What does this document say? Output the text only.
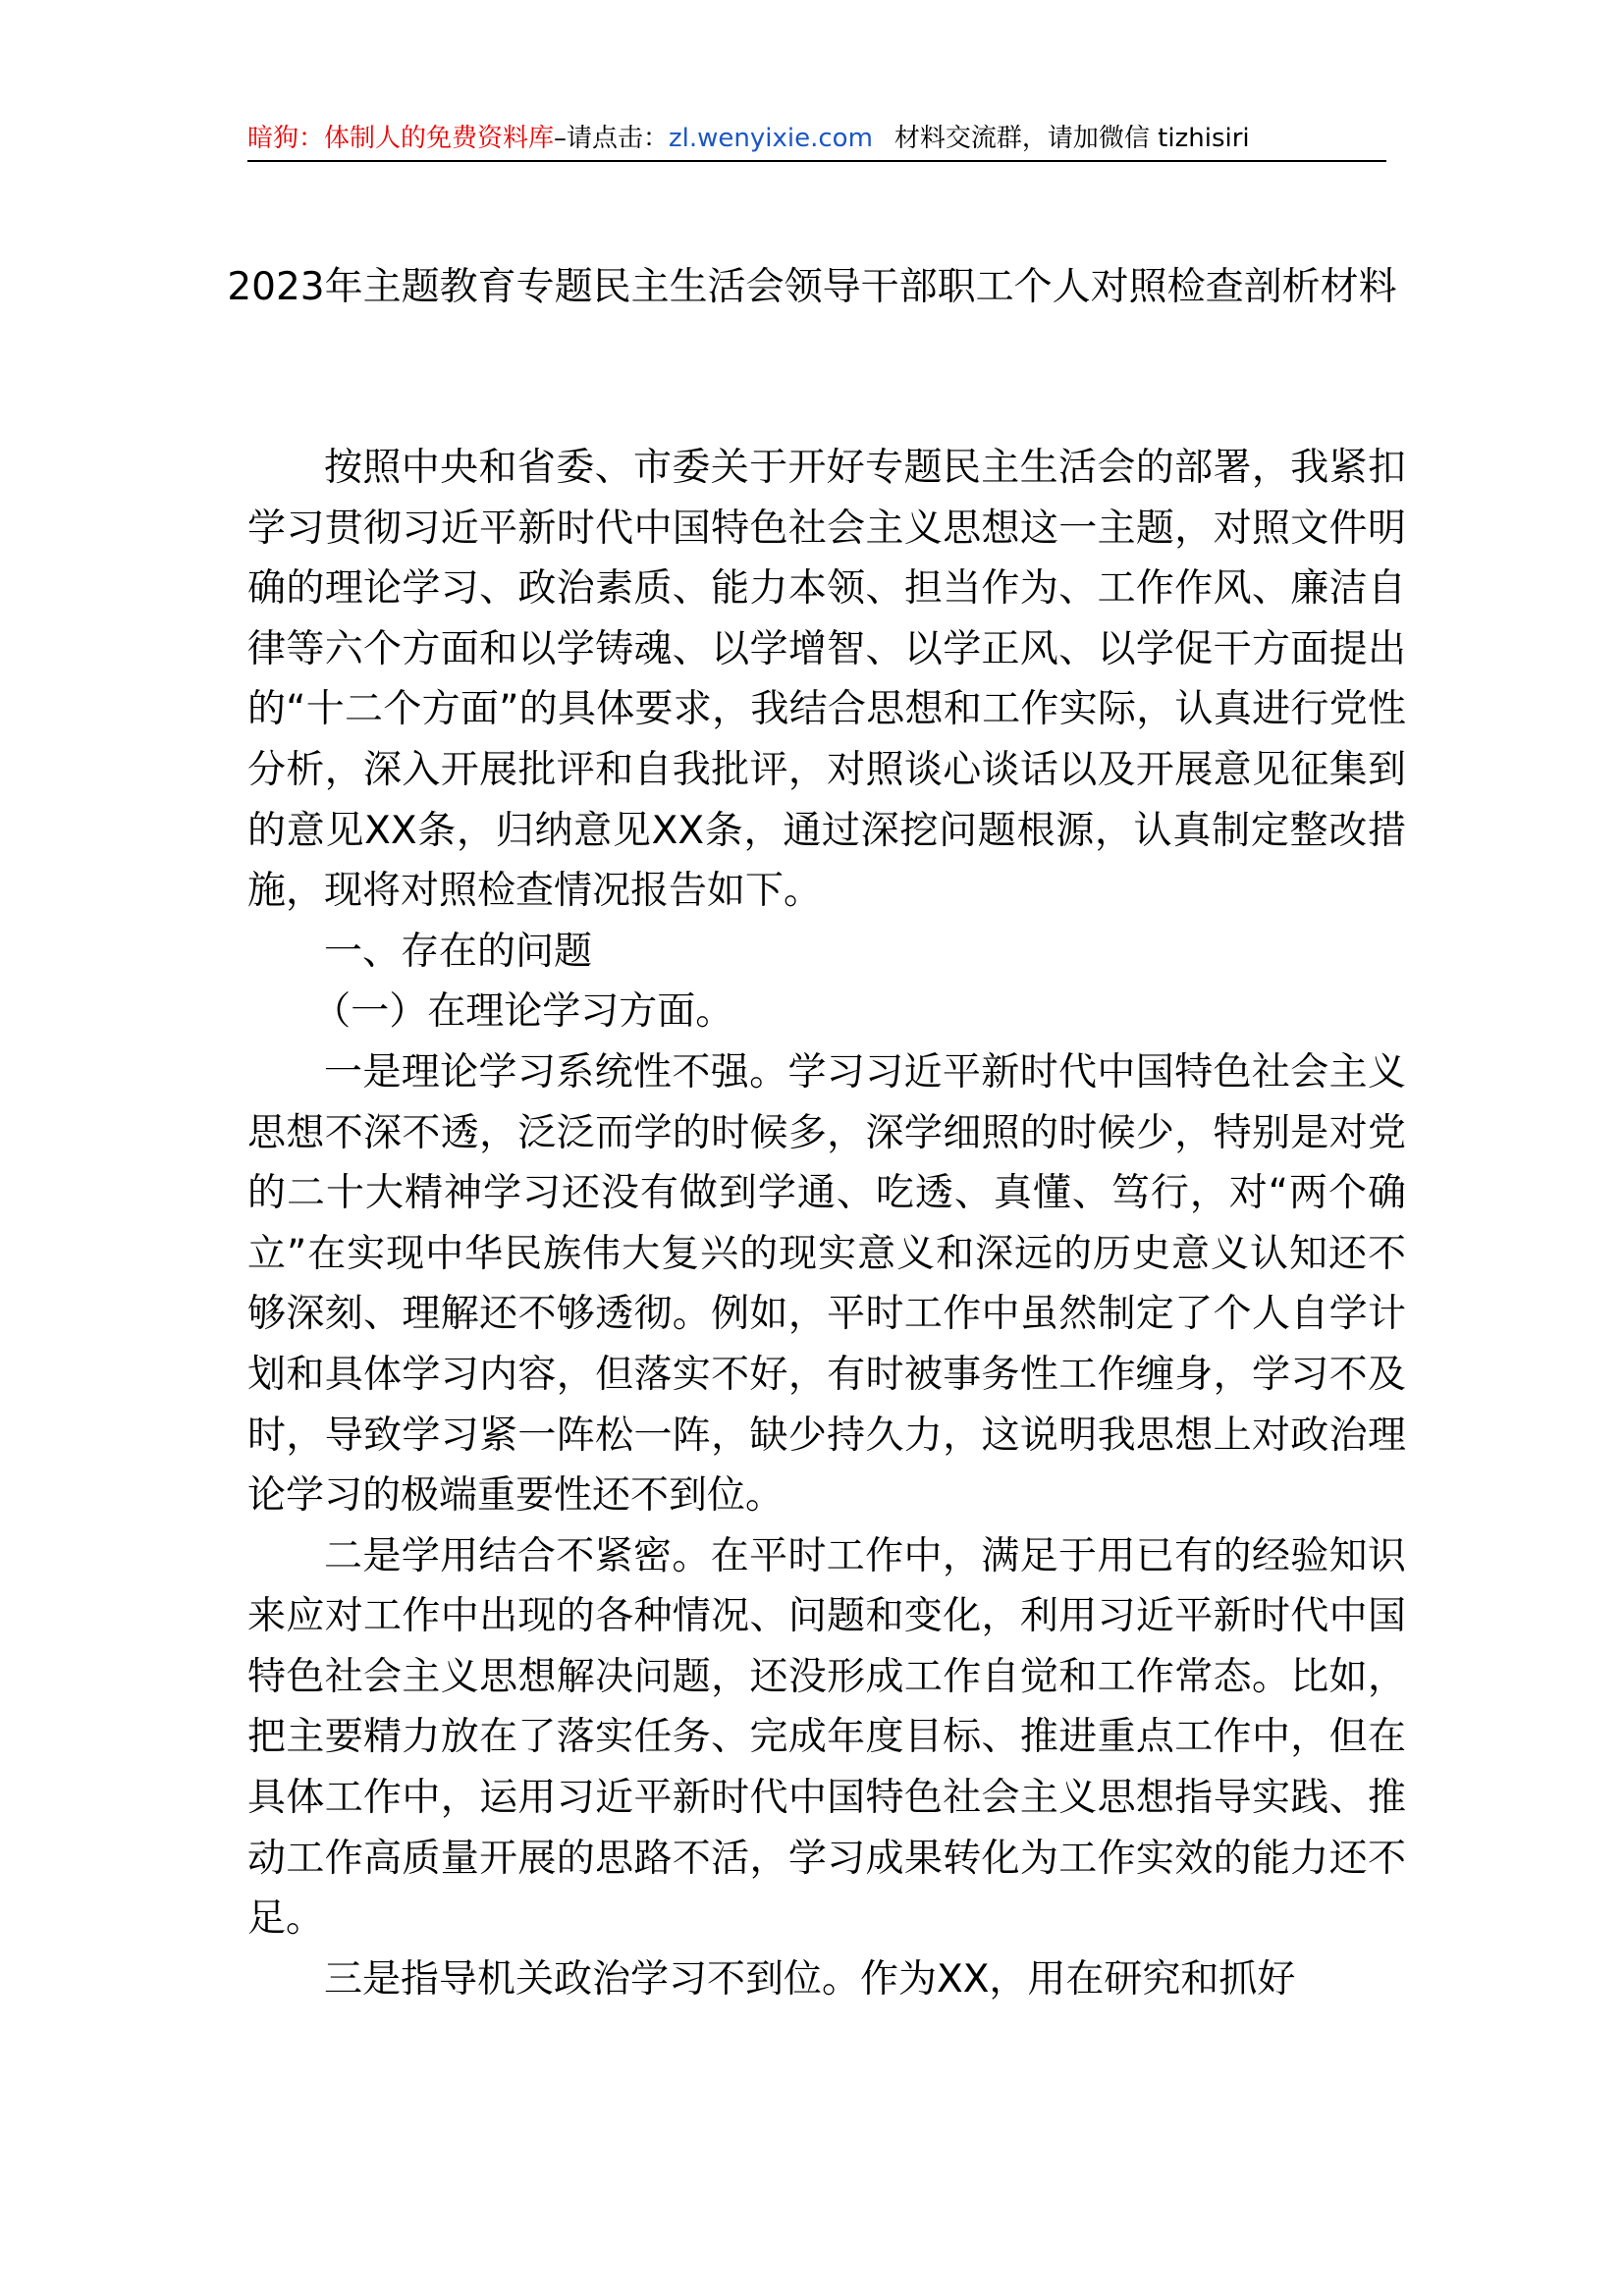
暗狗：体制人的免费资料库–请点击：zl.wenyixie.com 材料交流群，请加微信 tizhisiri
2023年主题教育专题民主生活会领导干部职工个人对照检查剖析材料

按照中央和省委、市委关于开好专题民主生活会的部署，我紧扣学习贯彻习近平新时代中国特色社会主义思想这一主题，对照文件明确的理论学习、政治素质、能力本领、担当作为、工作作风、廉洁自律等六个方面和以学铸魂、以学增智、以学正风、以学促干方面提出的“十二个方面”的具体要求，我结合思想和工作实际，认真进行党性分析，深入开展批评和自我批评，对照谈心谈话以及开展意见征集到的意见XX条，归纳意见XX条，通过深挖问题根源，认真制定整改措施，现将对照检查情况报告如下。

一、存在的问题

（一）在理论学习方面。

一是理论学习系统性不强。学习习近平新时代中国特色社会主义思想不深不透，泛泛而学的时候多，深学细照的时候少，特别是对党的二十大精神学习还没有做到学通、吃透、真懂、笃行，对“两个确立”在实现中华民族伟大复兴的现实意义和深远的历史意义认知还不够深刻、理解还不够透彻。例如，平时工作中虽然制定了个人自学计划和具体学习内容，但落实不好，有时被事务性工作缠身，学习不及时，导致学习紧一阵松一阵，缺少持久力，这说明我思想上对政治理论学习的极端重要性还不到位。

二是学用结合不紧密。在平时工作中，满足于用已有的经验知识来应对工作中出现的各种情况、问题和变化，利用习近平新时代中国特色社会主义思想解决问题，还没形成工作自觉和工作常态。比如，把主要精力放在了落实任务、完成年度目标、推进重点工作中，但在具体工作中，运用习近平新时代中国特色社会主义思想指导实践、推动工作高质量开展的思路不活，学习成果转化为工作实效的能力还不足。

三是指导机关政治学习不到位。作为XX，用在研究和抓好
